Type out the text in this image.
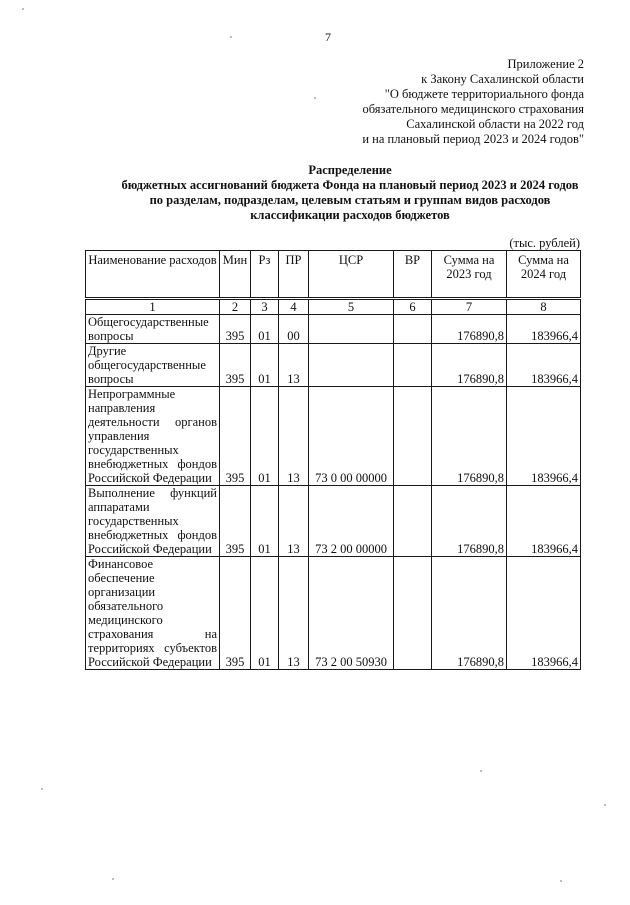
7
Приложение 2
к Закону Сахалинской области
"О бюджете территориального фонда
обязательного медицинского страхования
Сахалинской области на 2022 год
и на плановый период 2023 и 2024 годов"
Распределение
бюджетных ассигнований бюджета Фонда на плановый период 2023 и 2024 годов
по разделам, подразделам, целевым статьям и группам видов расходов
классификации расходов бюджетов
(тыс. рублей)
Наименование расходов	Мин	Рз	ПР	ЦСР	ВР	Сумма на 2023 год	Сумма на 2024 год
1	2	3	4	5	6	7	8
Общегосударственные вопросы	395	01	00			176890,8	183966,4
Другие общегосударственные вопросы	395	01	13			176890,8	183966,4
Непрограммные направления деятельности органов управления государственных внебюджетных фондов Российской Федерации	395	01	13	73 0 00 00000		176890,8	183966,4
Выполнение функций аппаратами государственных внебюджетных фондов Российской Федерации	395	01	13	73 2 00 00000		176890,8	183966,4
Финансовое обеспечение организации обязательного медицинского страхования на территориях субъектов Российской Федерации	395	01	13	73 2 00 50930		176890,8	183966,4
